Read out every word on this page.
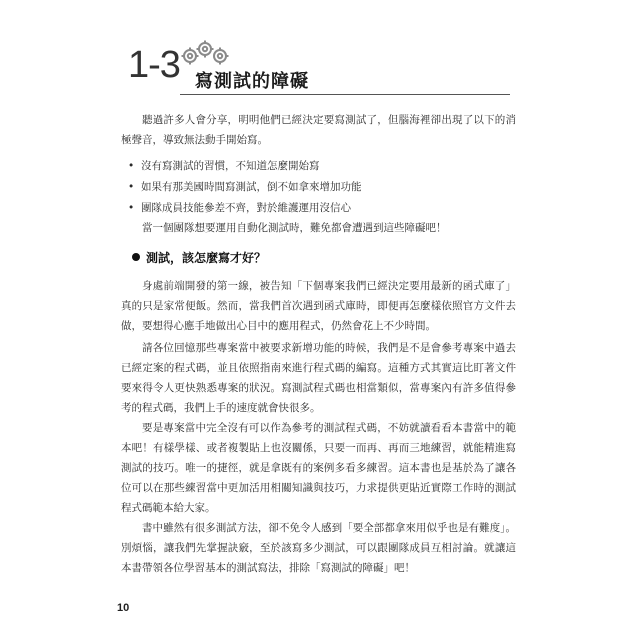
1-3 寫測試的障礙

聽過許多人會分享，明明他們已經決定要寫測試了，但腦海裡卻出現了以下的消極聲音，導致無法動手開始寫。

• 沒有寫測試的習慣，不知道怎麼開始寫
• 如果有那美國時間寫測試，倒不如拿來增加功能
• 團隊成員技能參差不齊，對於維護運用沒信心

當一個團隊想要運用自動化測試時，難免都會遭遇到這些障礙吧！

測試，該怎麼寫才好？

身處前端開發的第一線，被告知「下個專案我們已經決定要用最新的函式庫了」真的只是家常便飯。然而，當我們首次遇到函式庫時，即便再怎麼樣依照官方文件去做，要想得心應手地做出心目中的應用程式，仍然會花上不少時間。

請各位回憶那些專案當中被要求新增功能的時候，我們是不是會參考專案中過去已經定案的程式碼，並且依照指南來進行程式碼的編寫。這種方式其實這比盯著文件要來得令人更快熟悉專案的狀況。寫測試程式碼也相當類似，當專案內有許多值得參考的程式碼，我們上手的速度就會快很多。

要是專案當中完全沒有可以作為參考的測試程式碼，不妨就讀看看本書當中的範本吧！有樣學樣、或者複製貼上也沒關係，只要一而再、再而三地練習，就能精進寫測試的技巧。唯一的捷徑，就是拿既有的案例多看多練習。這本書也是基於為了讓各位可以在那些練習當中更加活用相關知識與技巧，力求提供更貼近實際工作時的測試程式碼範本給大家。

書中雖然有很多測試方法，卻不免令人感到「要全部都拿來用似乎也是有難度」。別煩惱，讓我們先掌握訣竅，至於該寫多少測試，可以跟團隊成員互相討論。就讓這本書帶領各位學習基本的測試寫法，排除「寫測試的障礙」吧！

10
